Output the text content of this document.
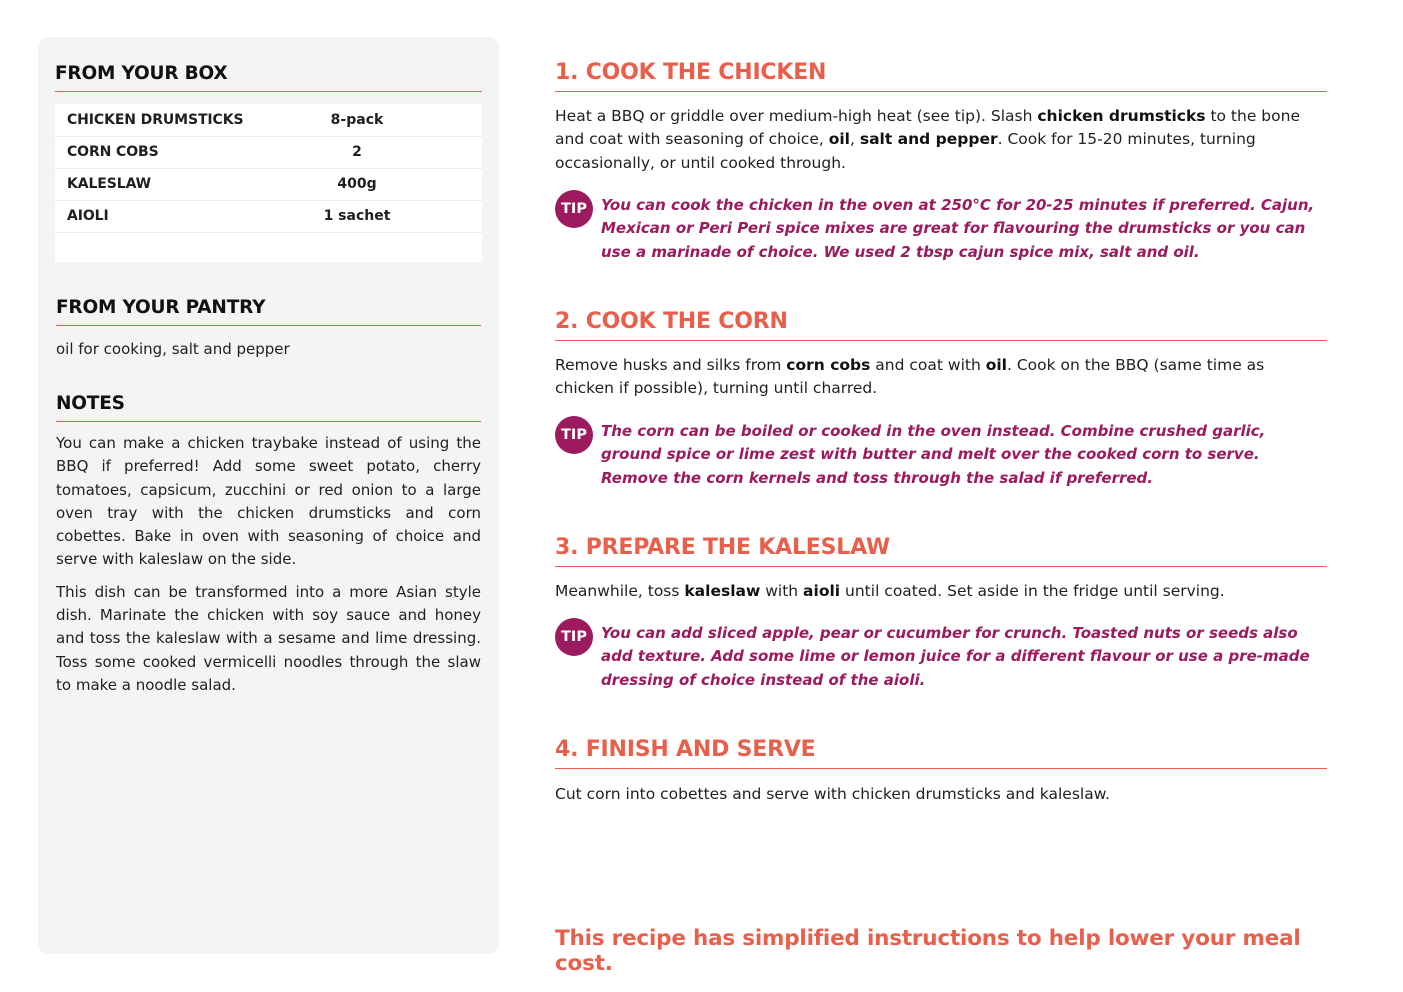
FROM YOUR BOX
CHICKEN DRUMSTICKS	8-pack	
CORN COBS	2	
KALESLAW	400g	
AIOLI	1 sachet	

FROM YOUR PANTRY

oil for cooking, salt and pepper

NOTES

You can make a chicken traybake instead of using the BBQ if preferred! Add some sweet potato, cherry tomatoes, capsicum, zucchini or red onion to a large oven tray with the chicken drumsticks and corn cobettes. Bake in oven with seasoning of choice and serve with kaleslaw on the side.

This dish can be transformed into a more Asian style dish. Marinate the chicken with soy sauce and honey and toss the kaleslaw with a sesame and lime dressing. Toss some cooked vermicelli noodles through the slaw to make a noodle salad.

1. COOK THE CHICKEN

Heat a BBQ or griddle over medium-high heat (see tip). Slash chicken drumsticks to the bone and coat with seasoning of choice, oil, salt and pepper. Cook for 15-20 minutes, turning occasionally, or until cooked through.

TIP You can cook the chicken in the oven at 250°C for 20-25 minutes if preferred. Cajun, Mexican or Peri Peri spice mixes are great for flavouring the drumsticks or you can use a marinade of choice. We used 2 tbsp cajun spice mix, salt and oil.

2. COOK THE CORN

Remove husks and silks from corn cobs and coat with oil. Cook on the BBQ (same time as chicken if possible), turning until charred.

TIP The corn can be boiled or cooked in the oven instead. Combine crushed garlic, ground spice or lime zest with butter and melt over the cooked corn to serve. Remove the corn kernels and toss through the salad if preferred.

3. PREPARE THE KALESLAW

Meanwhile, toss kaleslaw with aioli until coated. Set aside in the fridge until serving.

TIP You can add sliced apple, pear or cucumber for crunch. Toasted nuts or seeds also add texture. Add some lime or lemon juice for a different flavour or use a pre-made dressing of choice instead of the aioli.

4. FINISH AND SERVE

Cut corn into cobettes and serve with chicken drumsticks and kaleslaw.

This recipe has simplified instructions to help lower your meal cost.
